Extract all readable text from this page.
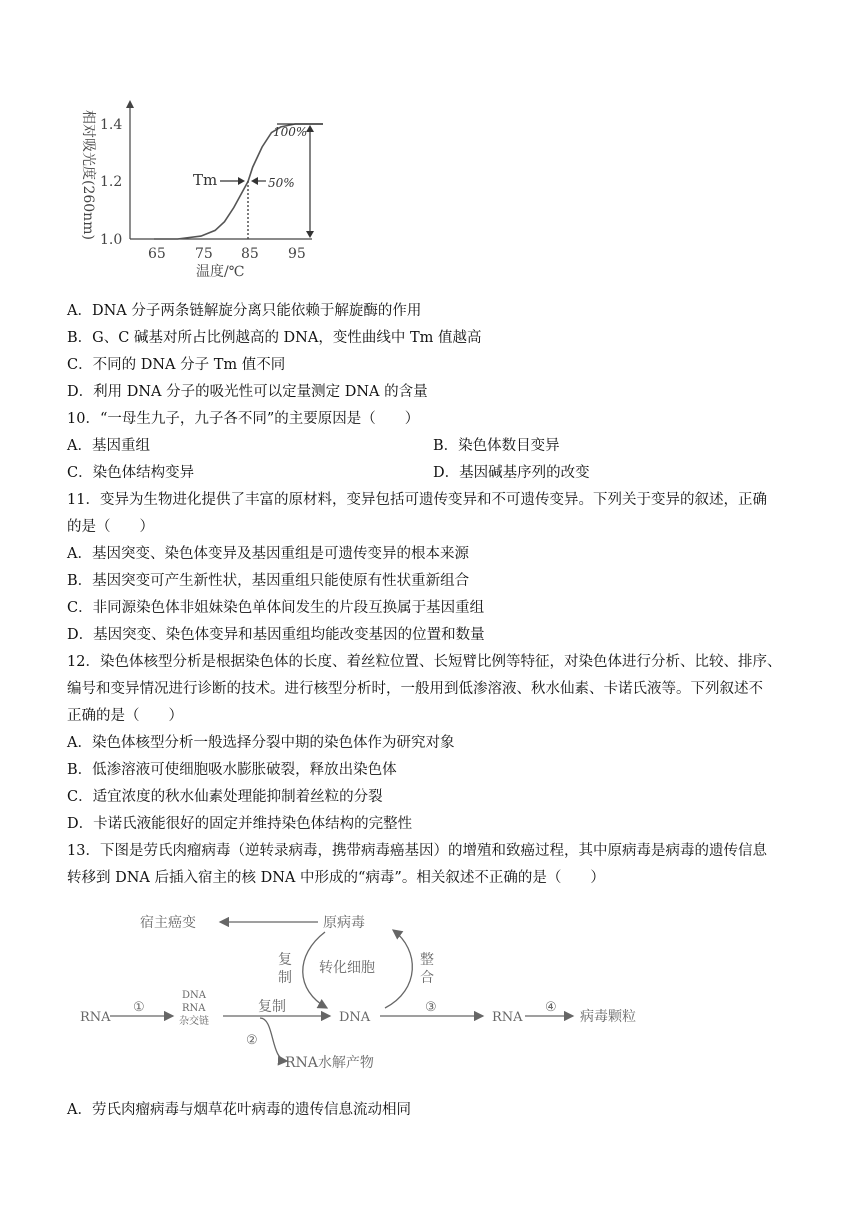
相对吸光度(260nm) 1.4
1.2
1.0
65 75 85 95
温度/℃
Tm	50%
100%
A．DNA 分子两条链解旋分离只能依赖于解旋酶的作用
B．G、C 碱基对所占比例越高的 DNA，变性曲线中 Tm 值越高
C．不同的 DNA 分子 Tm 值不同
D．利用 DNA 分子的吸光性可以定量测定 DNA 的含量
10．“一母生九子，九子各不同”的主要原因是（　　）
A．基因重组	B．染色体数目变异
C．染色体结构变异	D．基因碱基序列的改变
11．变异为生物进化提供了丰富的原材料，变异包括可遗传变异和不可遗传变异。下列关于变异的叙述，正确
的是（　　）
A．基因突变、染色体变异及基因重组是可遗传变异的根本来源
B．基因突变可产生新性状，基因重组只能使原有性状重新组合
C．非同源染色体非姐妹染色单体间发生的片段互换属于基因重组
D．基因突变、染色体变异和基因重组均能改变基因的位置和数量
12．染色体核型分析是根据染色体的长度、着丝粒位置、长短臂比例等特征，对染色体进行分析、比较、排序、
编号和变异情况进行诊断的技术。进行核型分析时，一般用到低渗溶液、秋水仙素、卡诺氏液等。下列叙述不
正确的是（　　）
A．染色体核型分析一般选择分裂中期的染色体作为研究对象
B．低渗溶液可使细胞吸水膨胀破裂，释放出染色体
C．适宜浓度的秋水仙素处理能抑制着丝粒的分裂
D．卡诺氏液能很好的固定并维持染色体结构的完整性
13．下图是劳氏肉瘤病毒（逆转录病毒，携带病毒癌基因）的增殖和致癌过程，其中原病毒是病毒的遗传信息
转移到 DNA 后插入宿主的核 DNA 中形成的“病毒”。相关叙述不正确的是（　　）
宿主癌变	原病毒
复
制
转化细胞	整
合
RNA
①
DNA
RNA
杂交链
复制
DNA
③
RNA
④
病毒颗粒
②
RNA水解产物
A．劳氏肉瘤病毒与烟草花叶病毒的遗传信息流动相同
